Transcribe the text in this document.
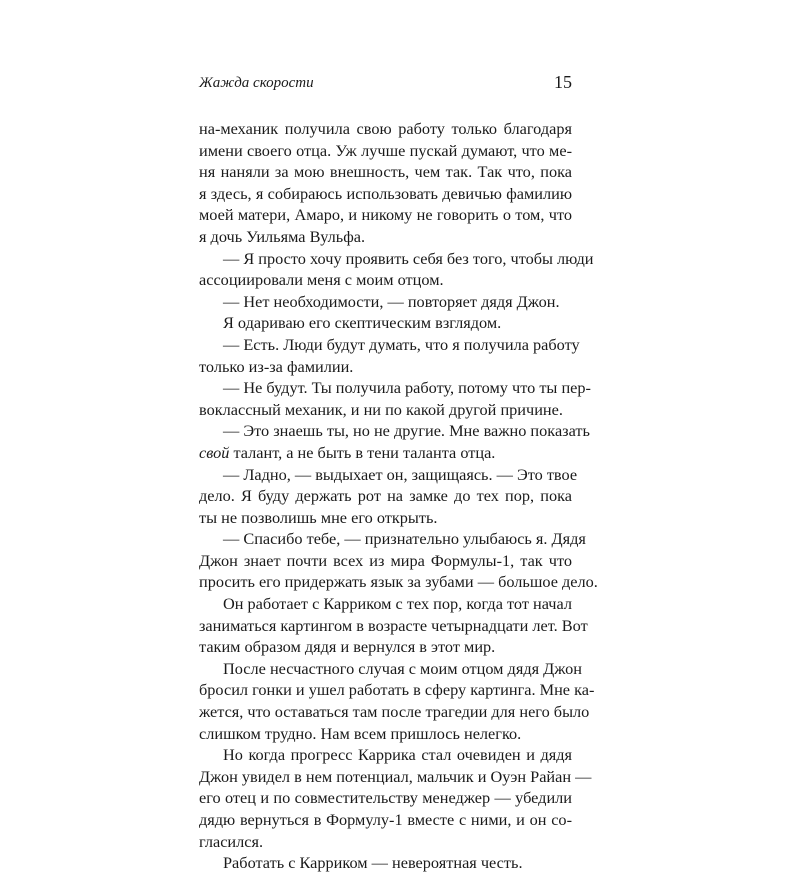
Жажда скорости	15
на-механик получила свою работу только благодаря
имени своего отца. Уж лучше пускай думают, что ме-
ня наняли за мою внешность, чем так. Так что, пока
я здесь, я собираюсь использовать девичью фамилию
моей матери, Амаро, и никому не говорить о том, что
я дочь Уильяма Вульфа.
— Я просто хочу проявить себя без того, чтобы люди
ассоциировали меня с моим отцом.
— Нет необходимости, — повторяет дядя Джон.
Я одариваю его скептическим взглядом.
— Есть. Люди будут думать, что я получила работу
только из-за фамилии.
— Не будут. Ты получила работу, потому что ты пер-
воклассный механик, и ни по какой другой причине.
— Это знаешь ты, но не другие. Мне важно показать
свой талант, а не быть в тени таланта отца.
— Ладно, — выдыхает он, защищаясь. — Это твое
дело. Я буду держать рот на замке до тех пор, пока
ты не позволишь мне его открыть.
— Спасибо тебе, — признательно улыбаюсь я. Дядя
Джон знает почти всех из мира Формулы-1, так что
просить его придержать язык за зубами — большое дело.
Он работает с Карриком с тех пор, когда тот начал
заниматься картингом в возрасте четырнадцати лет. Вот
таким образом дядя и вернулся в этот мир.
После несчастного случая с моим отцом дядя Джон
бросил гонки и ушел работать в сферу картинга. Мне ка-
жется, что оставаться там после трагедии для него было
слишком трудно. Нам всем пришлось нелегко.
Но когда прогресс Каррика стал очевиден и дядя
Джон увидел в нем потенциал, мальчик и Оуэн Райан —
его отец и по совместительству менеджер — убедили
дядю вернуться в Формулу-1 вместе с ними, и он со-
гласился.
Работать с Карриком — невероятная честь.
